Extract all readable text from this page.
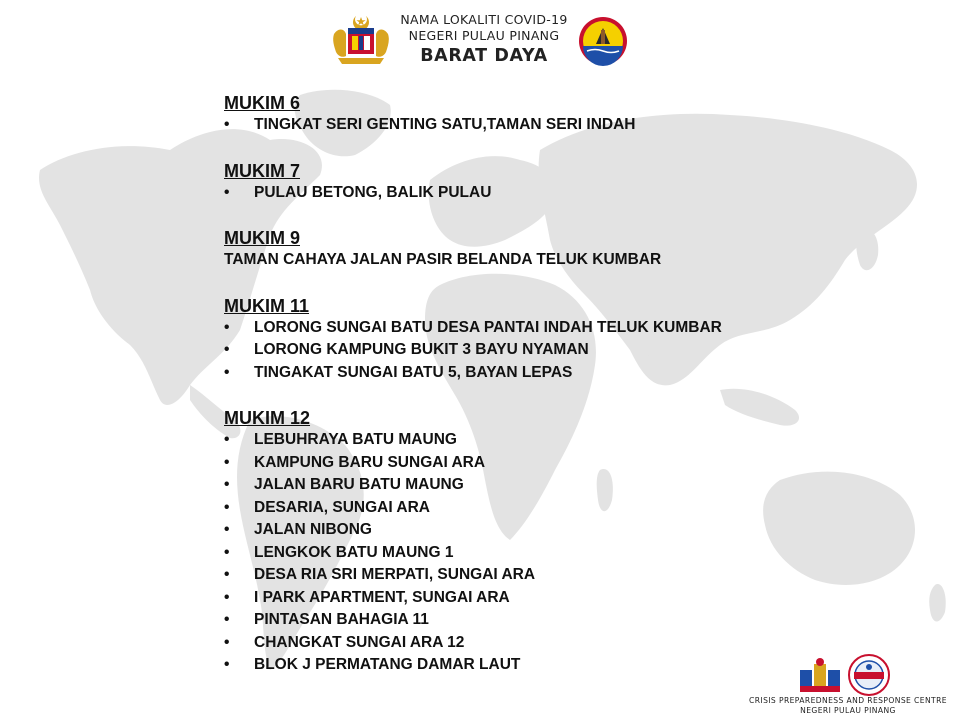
NAMA LOKALITI COVID-19
NEGERI PULAU PINANG
BARAT DAYA
MUKIM 6
•	TINGKAT SERI GENTING SATU,TAMAN SERI INDAH
MUKIM 7
•	PULAU BETONG, BALIK PULAU
MUKIM 9
TAMAN CAHAYA JALAN PASIR BELANDA TELUK KUMBAR
MUKIM 11
•	LORONG SUNGAI BATU DESA PANTAI INDAH TELUK KUMBAR
•	LORONG KAMPUNG BUKIT 3 BAYU NYAMAN
•	TINGAKAT SUNGAI BATU 5, BAYAN LEPAS
MUKIM 12
•	LEBUHRAYA BATU MAUNG
•	KAMPUNG BARU SUNGAI ARA
•	JALAN BARU BATU MAUNG
•	DESARIA, SUNGAI ARA
•	JALAN NIBONG
•	LENGKOK BATU MAUNG 1
•	DESA RIA SRI MERPATI, SUNGAI ARA
•	I PARK APARTMENT, SUNGAI ARA
•	PINTASAN BAHAGIA 11
•	CHANGKAT SUNGAI ARA 12
•	BLOK J PERMATANG DAMAR LAUT
CRISIS PREPAREDNESS AND RESPONSE CENTRE
NEGERI PULAU PINANG
